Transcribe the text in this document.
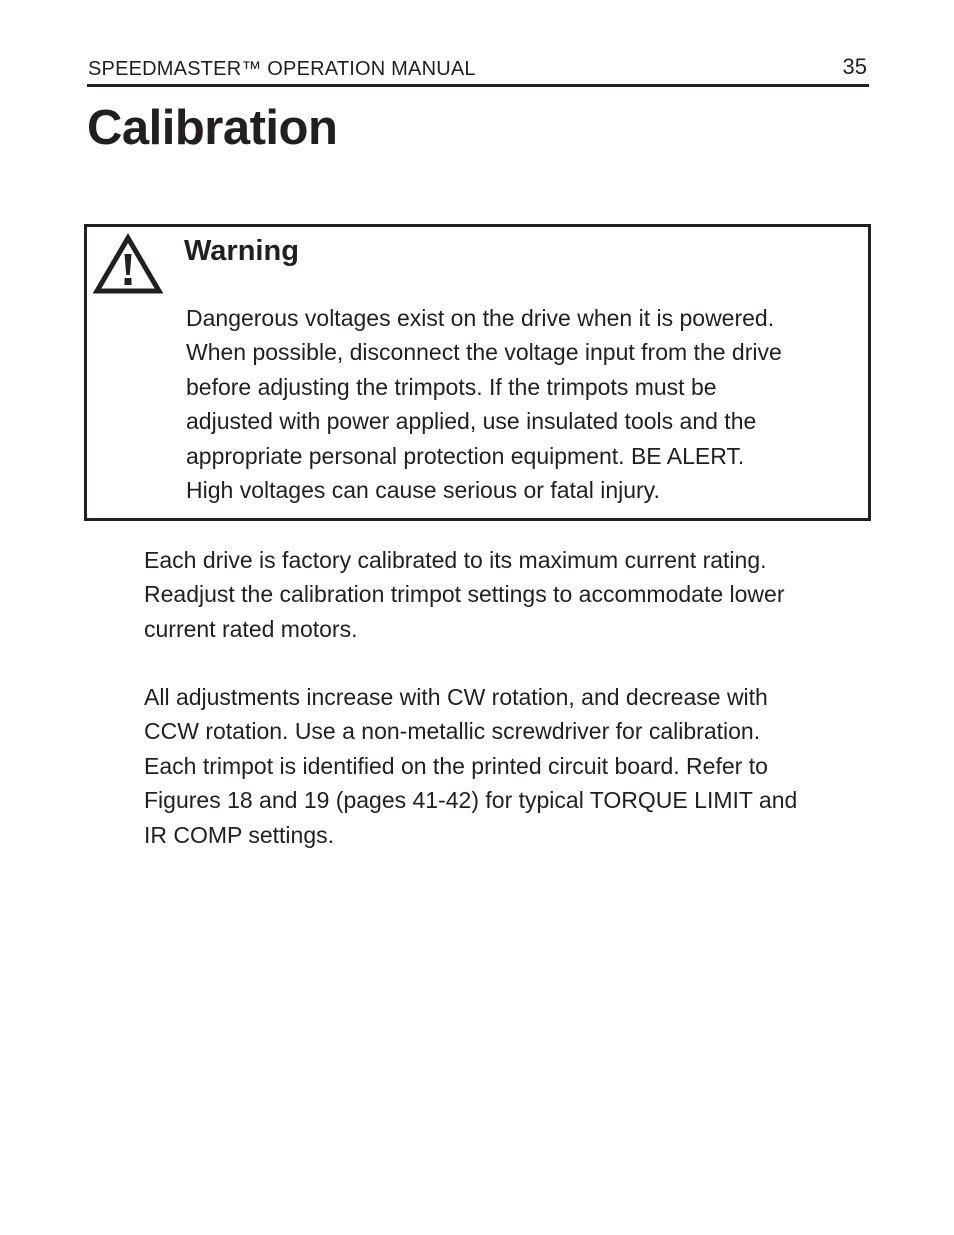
SPEEDMASTER™ OPERATION MANUAL	35
Calibration
Warning
Dangerous voltages exist on the drive when it is powered.
When possible, disconnect the voltage input from the drive
before adjusting the trimpots. If the trimpots must be
adjusted with power applied, use insulated tools and the
appropriate personal protection equipment. BE ALERT.
High voltages can cause serious or fatal injury.
Each drive is factory calibrated to its maximum current rating.
Readjust the calibration trimpot settings to accommodate lower
current rated motors.
All adjustments increase with CW rotation, and decrease with
CCW rotation. Use a non-metallic screwdriver for calibration.
Each trimpot is identified on the printed circuit board. Refer to
Figures 18 and 19 (pages 41-42) for typical TORQUE LIMIT and
IR COMP settings.
